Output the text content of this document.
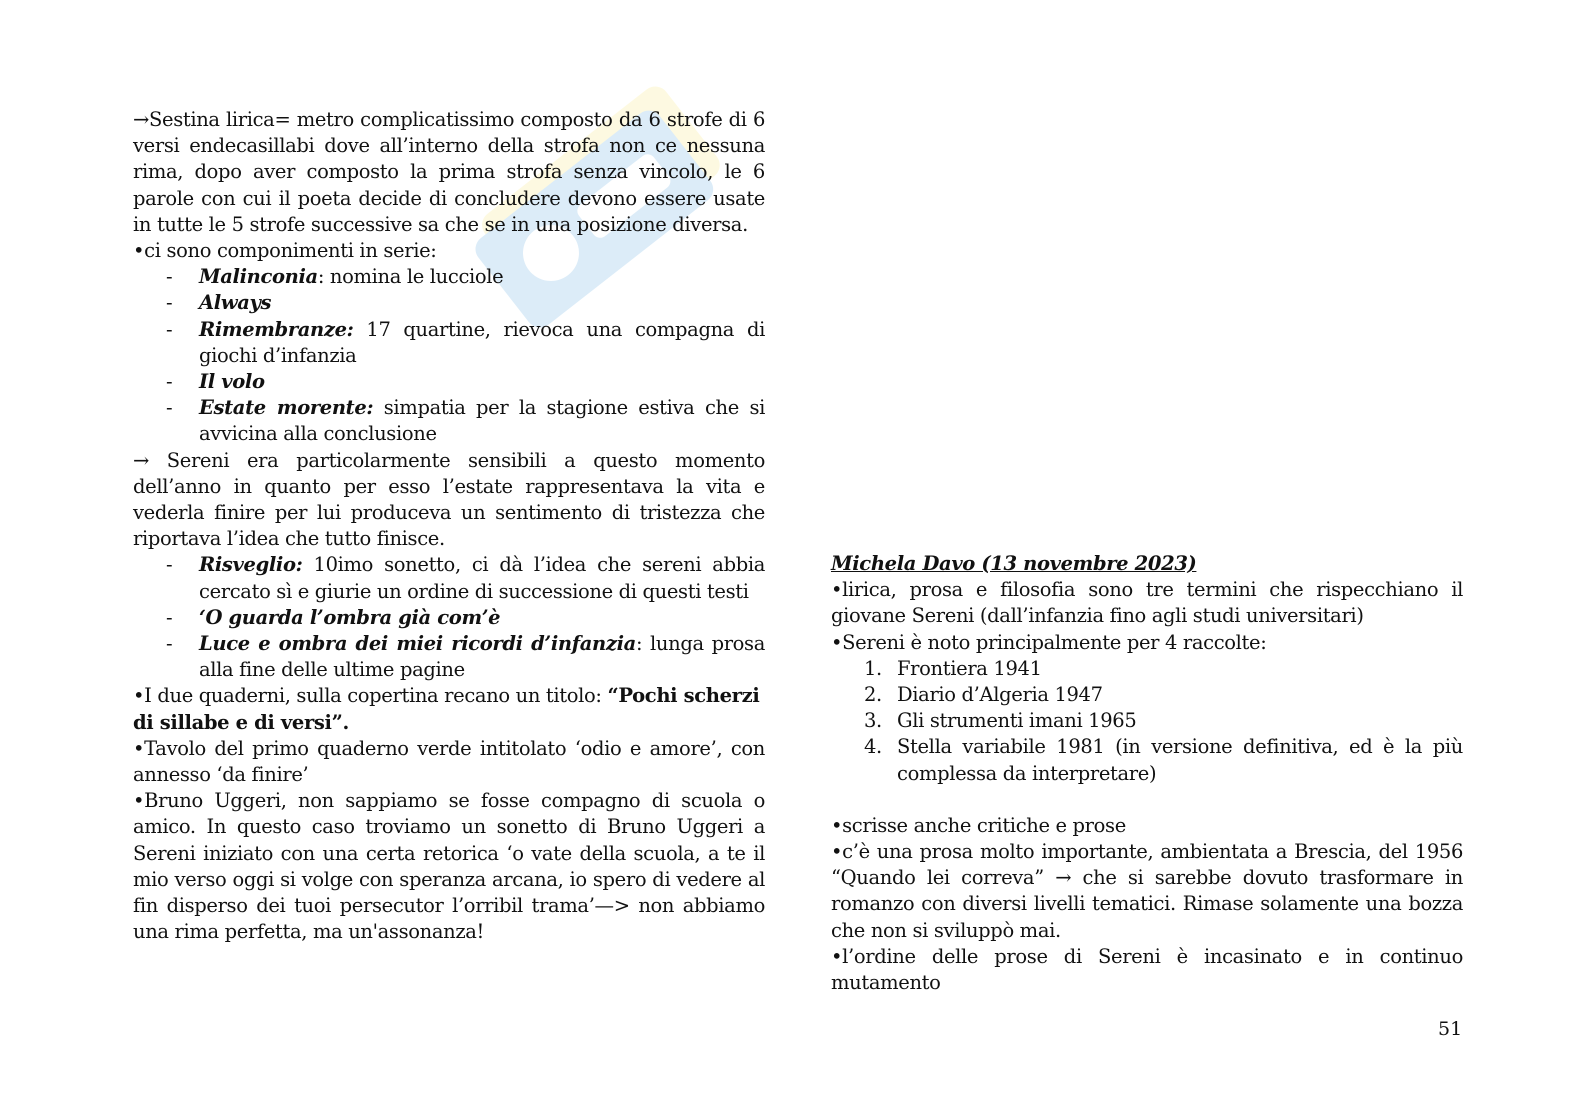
→Sestina lirica= metro complicatissimo composto da 6 strofe di 6 versi endecasillabi dove all’interno della strofa non ce nessuna rima, dopo aver composto la prima strofa senza vincolo, le 6 parole con cui il poeta decide di concludere devono essere usate in tutte le 5 strofe successive sa che se in una posizione diversa.

•ci sono componimenti in serie:

- Malinconia: nomina le lucciole
- Always
- Rimembranze: 17 quartine, rievoca una compagna di giochi d’infanzia
- Il volo
- Estate morente: simpatia per la stagione estiva che si avvicina alla conclusione

→ Sereni era particolarmente sensibili a questo momento dell’anno in quanto per esso l’estate rappresentava la vita e vederla finire per lui produceva un sentimento di tristezza che riportava l’idea che tutto finisce.

- Risveglio: 10imo sonetto, ci dà l’idea che sereni abbia cercato sì e giurie un ordine di successione di questi testi
- ‘O guarda l’ombra già com’è
- Luce e ombra dei miei ricordi d’infanzia: lunga prosa alla fine delle ultime pagine

•I due quaderni, sulla copertina recano un titolo: “Pochi scherzi di sillabe e di versi”.

•Tavolo del primo quaderno verde intitolato ‘odio e amore’, con annesso ‘da finire’

•Bruno Uggeri, non sappiamo se fosse compagno di scuola o amico. In questo caso troviamo un sonetto di Bruno Uggeri a Sereni iniziato con una certa retorica ‘o vate della scuola, a te il mio verso oggi si volge con speranza arcana, io spero di vedere al fin disperso dei tuoi persecutor l’orribil trama’—> non abbiamo una rima perfetta, ma un'assonanza!

Michela Davo (13 novembre 2023)

•lirica, prosa e filosofia sono tre termini che rispecchiano il giovane Sereni (dall’infanzia fino agli studi universitari)

•Sereni è noto principalmente per 4 raccolte:

1. Frontiera 1941
2. Diario d’Algeria 1947
3. Gli strumenti imani 1965
4. Stella variabile 1981 (in versione definitiva, ed è la più complessa da interpretare)

•scrisse anche critiche e prose

•c’è una prosa molto importante, ambientata a Brescia, del 1956 “Quando lei correva” → che si sarebbe dovuto trasformare in romanzo con diversi livelli tematici. Rimase solamente una bozza che non si sviluppò mai.

•l’ordine delle prose di Sereni è incasinato e in continuo mutamento

51
